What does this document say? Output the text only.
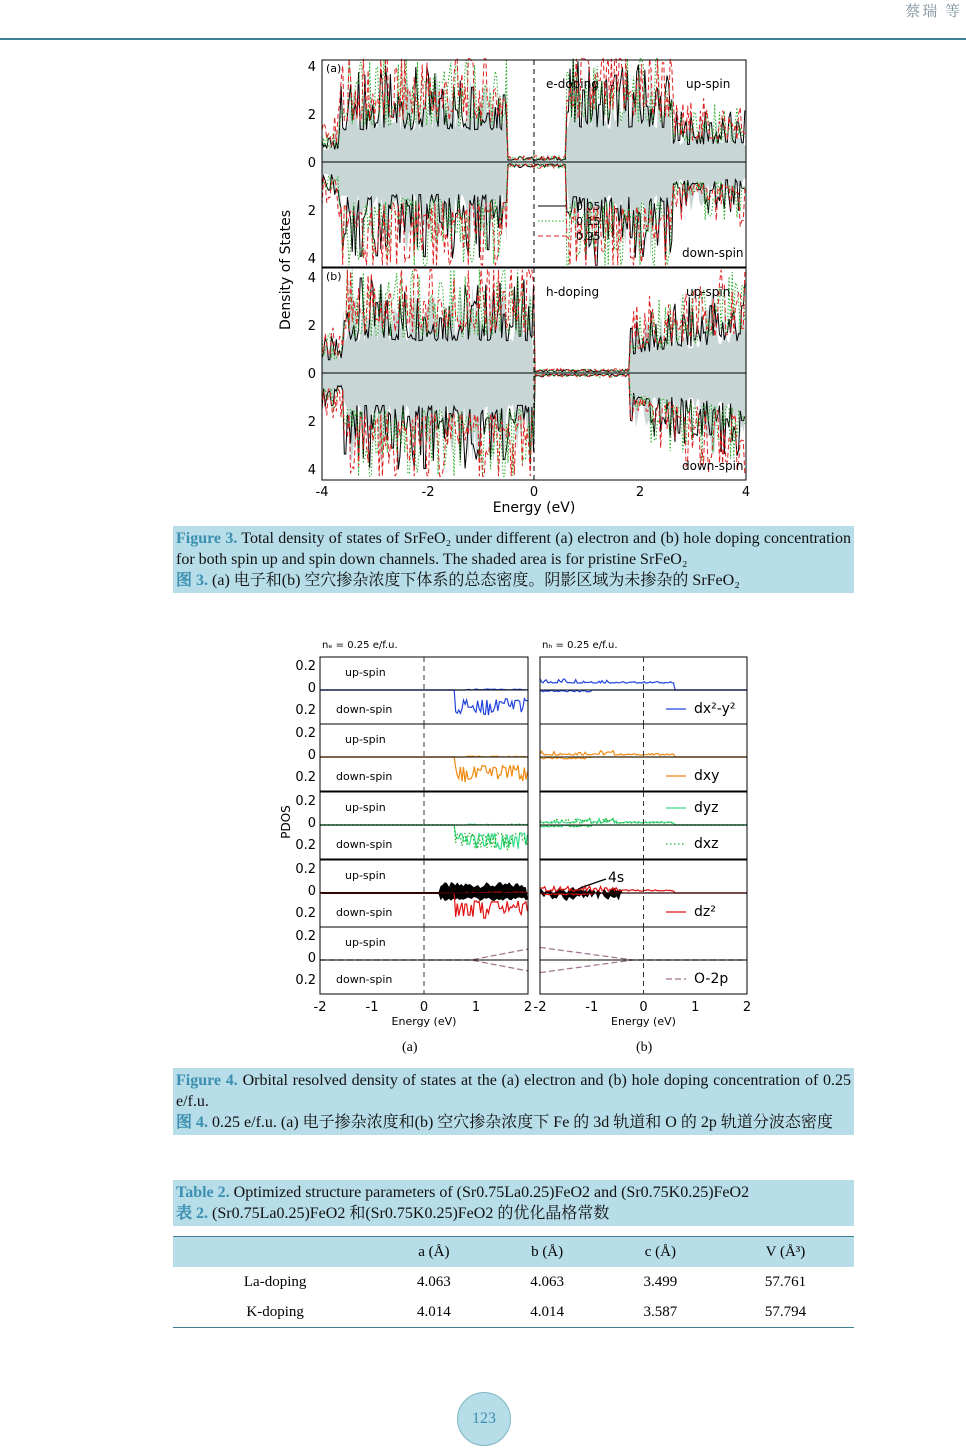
蔡瑞 等
(a)
e-doping	up-spin
down-spin
4
2
0
2
4
(b)
h-doping	up-spin
down-spin
4
2
0
2
4
-4	-2	0	2	4
Energy (eV)
Density of States
0.05
0.15
0.25
Figure 3. Total density of states of SrFeO₂ under different (a) electron and (b) hole doping concentration for both spin up and spin down channels. The shaded area is for pristine SrFeO₂
图 3. (a) 电子和(b) 空穴掺杂浓度下体系的总态密度。阴影区域为未掺杂的 SrFeO₂
nₑ = 0.25 e/f.u.
up-spin
down-spin
0.2
0
0.2
up-spin
down-spin
0.2
0
0.2
up-spin
down-spin
0.2
0
0.2
up-spin
down-spin
0.2
0
0.2
up-spin
down-spin
0.2
0
0.2
-2	-1	0	1	2
Energy (eV)
nₕ = 0.25 e/f.u.
dx²-y²
dxy
dyz
dxz
dz²
O-2p
-2	-1	0	1	2
Energy (eV)
PDOS
4s
(a)	(b)
Figure 4. Orbital resolved density of states at the (a) electron and (b) hole doping concentration of 0.25 e/f.u.
图 4. 0.25 e/f.u. (a) 电子掺杂浓度和(b) 空穴掺杂浓度下 Fe 的 3d 轨道和 O 的 2p 轨道分波态密度
Table 2. Optimized structure parameters of (Sr0.75La0.25)FeO2 and (Sr0.75K0.25)FeO2
表 2. (Sr0.75La0.25)FeO2 和(Sr0.75K0.25)FeO2 的优化晶格常数
	a (Å)	b (Å)	c (Å)	V (Å³)
La-doping	4.063	4.063	3.499	57.761
K-doping	4.014	4.014	3.587	57.794
123
